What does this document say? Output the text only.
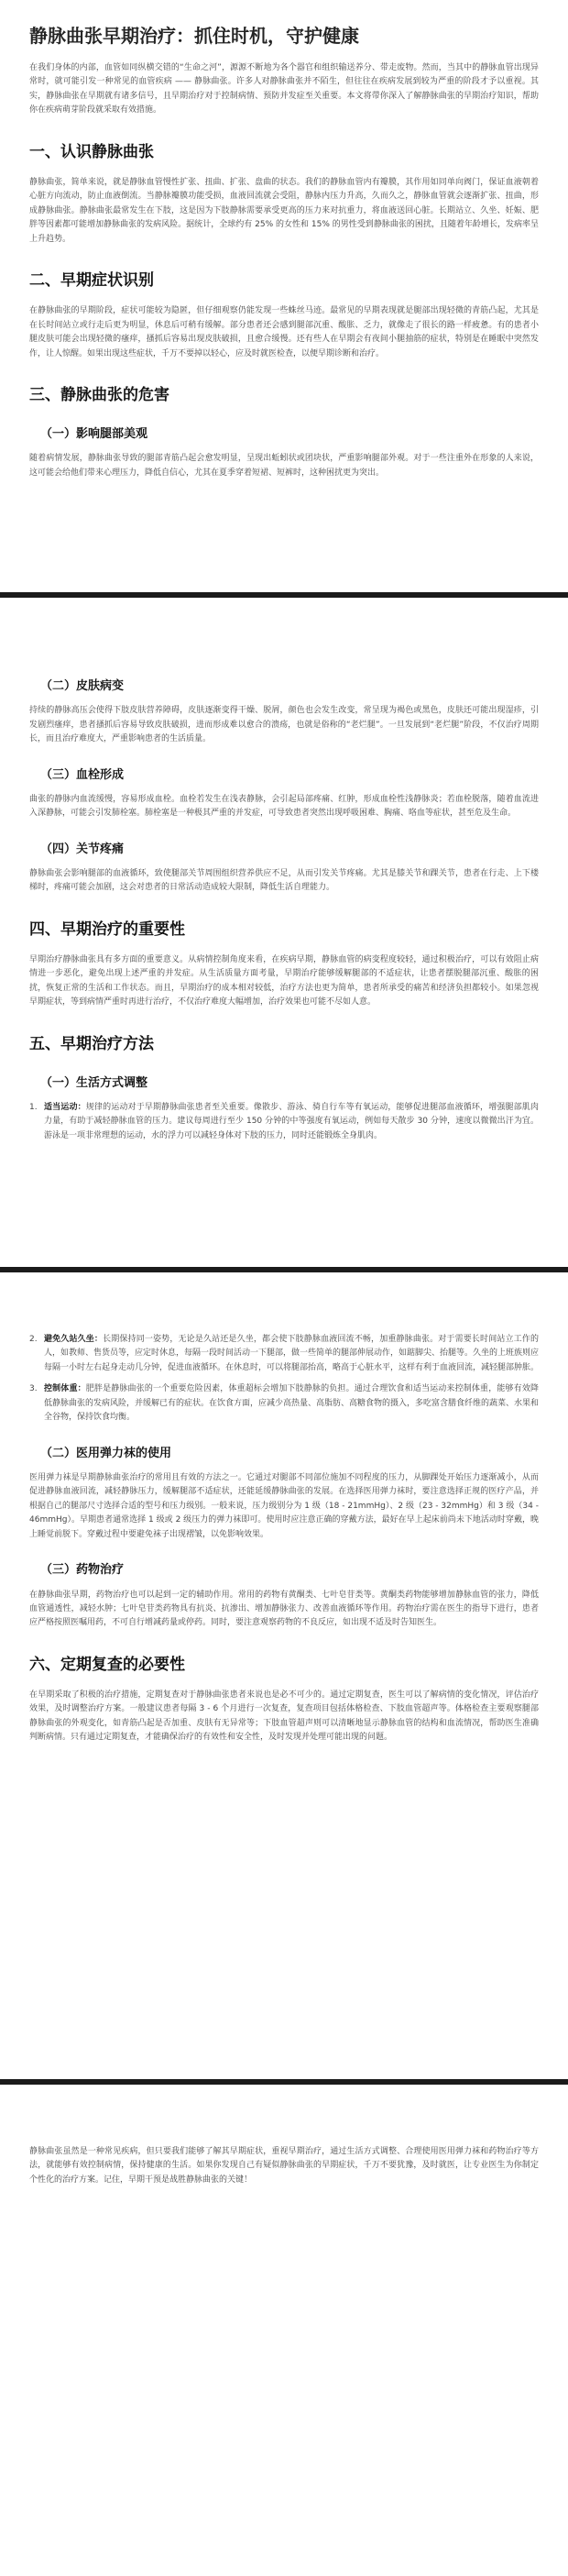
静脉曲张早期治疗：抓住时机，守护健康

在我们身体的内部，血管如同纵横交错的“生命之河”，源源不断地为各个器官和组织输送养分、带走废物。然而，当其中的静脉血管出现异常时，就可能引发一种常见的血管疾病 —— 静脉曲张。许多人对静脉曲张并不陌生，但往往在疾病发展到较为严重的阶段才予以重视。其实，静脉曲张在早期就有诸多信号，且早期治疗对于控制病情、预防并发症至关重要。本文将带你深入了解静脉曲张的早期治疗知识，帮助你在疾病萌芽阶段就采取有效措施。

一、认识静脉曲张

静脉曲张，简单来说，就是静脉血管慢性扩张、扭曲、扩张、盘曲的状态。我们的静脉血管内有瓣膜，其作用如同单向阀门，保证血液朝着心脏方向流动，防止血液倒流。当静脉瓣膜功能受损，血液回流就会受阻，静脉内压力升高，久而久之，静脉血管就会逐渐扩张、扭曲，形成静脉曲张。静脉曲张最常发生在下肢，这是因为下肢静脉需要承受更高的压力来对抗重力，将血液送回心脏。长期站立、久坐、妊娠、肥胖等因素都可能增加静脉曲张的发病风险。据统计，全球约有 25% 的女性和 15% 的男性受到静脉曲张的困扰，且随着年龄增长，发病率呈上升趋势。

二、早期症状识别

在静脉曲张的早期阶段，症状可能较为隐匿，但仔细观察仍能发现一些蛛丝马迹。最常见的早期表现就是腿部出现轻微的青筋凸起，尤其是在长时间站立或行走后更为明显，休息后可稍有缓解。部分患者还会感到腿部沉重、酸胀、乏力，就像走了很长的路一样疲惫。有的患者小腿皮肤可能会出现轻微的瘙痒，搔抓后容易出现皮肤破损，且愈合缓慢。还有些人在早期会有夜间小腿抽筋的症状，特别是在睡眠中突然发作，让人惊醒。如果出现这些症状，千万不要掉以轻心，应及时就医检查，以便早期诊断和治疗。

三、静脉曲张的危害
（一）影响腿部美观

随着病情发展，静脉曲张导致的腿部青筋凸起会愈发明显，呈现出蚯蚓状或团块状，严重影响腿部外观。对于一些注重外在形象的人来说，这可能会给他们带来心理压力，降低自信心，尤其在夏季穿着短裙、短裤时，这种困扰更为突出。

（二）皮肤病变

持续的静脉高压会使得下肢皮肤营养障碍，皮肤逐渐变得干燥、脱屑，颜色也会发生改变，常呈现为褐色或黑色，皮肤还可能出现湿疹，引发剧烈瘙痒，患者搔抓后容易导致皮肤破损，进而形成难以愈合的溃疡，也就是俗称的“老烂腿”。一旦发展到“老烂腿”阶段，不仅治疗周期长，而且治疗难度大，严重影响患者的生活质量。

（三）血栓形成

曲张的静脉内血流缓慢，容易形成血栓。血栓若发生在浅表静脉，会引起局部疼痛、红肿，形成血栓性浅静脉炎；若血栓脱落，随着血流进入深静脉，可能会引发肺栓塞。肺栓塞是一种极其严重的并发症，可导致患者突然出现呼吸困难、胸痛、咯血等症状，甚至危及生命。

（四）关节疼痛

静脉曲张会影响腿部的血液循环，致使腿部关节周围组织营养供应不足，从而引发关节疼痛。尤其是膝关节和踝关节，患者在行走、上下楼梯时，疼痛可能会加剧，这会对患者的日常活动造成较大限制，降低生活自理能力。

四、早期治疗的重要性

早期治疗静脉曲张具有多方面的重要意义。从病情控制角度来看，在疾病早期，静脉血管的病变程度较轻，通过积极治疗，可以有效阻止病情进一步恶化，避免出现上述严重的并发症。从生活质量方面考量，早期治疗能够缓解腿部的不适症状，让患者摆脱腿部沉重、酸胀的困扰，恢复正常的生活和工作状态。而且，早期治疗的成本相对较低，治疗方法也更为简单，患者所承受的痛苦和经济负担都较小。如果忽视早期症状，等到病情严重时再进行治疗，不仅治疗难度大幅增加，治疗效果也可能不尽如人意。

五、早期治疗方法
（一）生活方式调整
1. 适当运动：规律的运动对于早期静脉曲张患者至关重要。像散步、游泳、骑自行车等有氧运动，能够促进腿部血液循环，增强腿部肌肉力量，有助于减轻静脉血管的压力。建议每周进行至少 150 分钟的中等强度有氧运动，例如每天散步 30 分钟，速度以微微出汗为宜。游泳是一项非常理想的运动，水的浮力可以减轻身体对下肢的压力，同时还能锻炼全身肌肉。
2. 避免久站久坐：长期保持同一姿势，无论是久站还是久坐，都会使下肢静脉血液回流不畅，加重静脉曲张。对于需要长时间站立工作的人，如教师、售货员等，应定时休息，每隔一段时间活动一下腿部，做一些简单的腿部伸展动作，如踮脚尖、抬腿等。久坐的上班族则应每隔一小时左右起身走动几分钟，促进血液循环。在休息时，可以将腿部抬高，略高于心脏水平，这样有利于血液回流，减轻腿部肿胀。
3. 控制体重：肥胖是静脉曲张的一个重要危险因素，体重超标会增加下肢静脉的负担。通过合理饮食和适当运动来控制体重，能够有效降低静脉曲张的发病风险，并缓解已有的症状。在饮食方面，应减少高热量、高脂肪、高糖食物的摄入，多吃富含膳食纤维的蔬菜、水果和全谷物，保持饮食均衡。
（二）医用弹力袜的使用

医用弹力袜是早期静脉曲张治疗的常用且有效的方法之一。它通过对腿部不同部位施加不同程度的压力，从脚踝处开始压力逐渐减小，从而促进静脉血液回流，减轻静脉压力，缓解腿部不适症状，还能延缓静脉曲张的发展。在选择医用弹力袜时，要注意选择正规的医疗产品，并根据自己的腿部尺寸选择合适的型号和压力级别。一般来说，压力级别分为 1 级（18 - 21mmHg）、2 级（23 - 32mmHg）和 3 级（34 - 46mmHg）。早期患者通常选择 1 级或 2 级压力的弹力袜即可。使用时应注意正确的穿戴方法，最好在早上起床前尚未下地活动时穿戴，晚上睡觉前脱下。穿戴过程中要避免袜子出现褶皱，以免影响效果。

（三）药物治疗

在静脉曲张早期，药物治疗也可以起到一定的辅助作用。常用的药物有黄酮类、七叶皂苷类等。黄酮类药物能够增加静脉血管的张力，降低血管通透性，减轻水肿；七叶皂苷类药物具有抗炎、抗渗出、增加静脉张力、改善血液循环等作用。药物治疗需在医生的指导下进行，患者应严格按照医嘱用药，不可自行增减药量或停药。同时，要注意观察药物的不良反应，如出现不适及时告知医生。

六、定期复查的必要性

在早期采取了积极的治疗措施，定期复查对于静脉曲张患者来说也是必不可少的。通过定期复查，医生可以了解病情的变化情况，评估治疗效果，及时调整治疗方案。一般建议患者每隔 3 - 6 个月进行一次复查，复查项目包括体格检查、下肢血管超声等。体格检查主要观察腿部静脉曲张的外观变化，如青筋凸起是否加重、皮肤有无异常等；下肢血管超声则可以清晰地显示静脉血管的结构和血流情况，帮助医生准确判断病情。只有通过定期复查，才能确保治疗的有效性和安全性，及时发现并处理可能出现的问题。

静脉曲张虽然是一种常见疾病，但只要我们能够了解其早期症状，重视早期治疗，通过生活方式调整、合理使用医用弹力袜和药物治疗等方法，就能够有效控制病情，保持健康的生活。如果你发现自己有疑似静脉曲张的早期症状，千万不要犹豫，及时就医，让专业医生为你制定个性化的治疗方案。记住，早期干预是战胜静脉曲张的关键！
